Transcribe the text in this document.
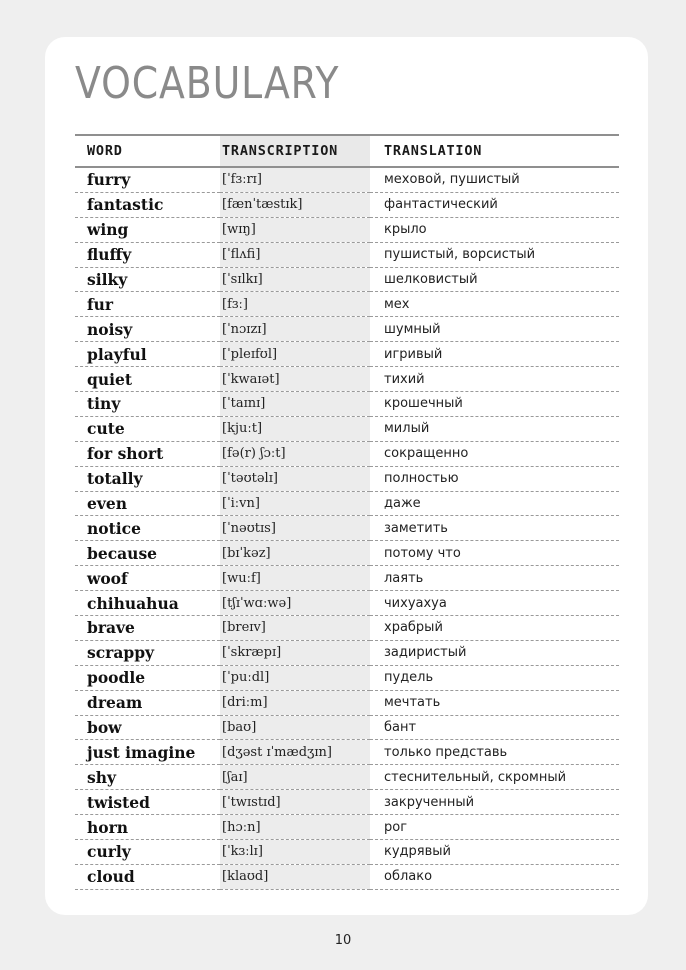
VOCABULARY
WORD	TRANSCRIPTION	TRANSLATION
furry	[ˈfɜːrɪ]	меховой, пушистый
fantastic	[fænˈtæstɪk]	фантастический
wing	[wɪŋ]	крыло
fluffy	[ˈflʌfi]	пушистый, ворсистый
silky	[ˈsɪlkɪ]	шелковистый
fur	[fɜː]	мех
noisy	[ˈnɔɪzɪ]	шумный
playful	[ˈpleɪfʊl]	игривый
quiet	[ˈkwaɪət]	тихий
tiny	[ˈtaɪnɪ]	крошечный
cute	[kjuːt]	милый
for short	[fə(r) ʃɔːt]	сокращенно
totally	[ˈtəʊtəlɪ]	полностью
even	[ˈiːvn]	даже
notice	[ˈnəʊtɪs]	заметить
because	[bɪˈkəz]	потому что
woof	[wuːf]	лаять
chihuahua	[tʃɪˈwɑːwə]	чихуахуа
brave	[breɪv]	храбрый
scrappy	[ˈskræpɪ]	задиристый
poodle	[ˈpuːdl]	пудель
dream	[driːm]	мечтать
bow	[baʊ]	бант
just imagine	[dʒəst ɪˈmædʒɪn]	только представь
shy	[ʃaɪ]	стеснительный, скромный
twisted	[ˈtwɪstɪd]	закрученный
horn	[hɔːn]	рог
curly	[ˈkɜːlɪ]	кудрявый
cloud	[klaʊd]	облако
10
